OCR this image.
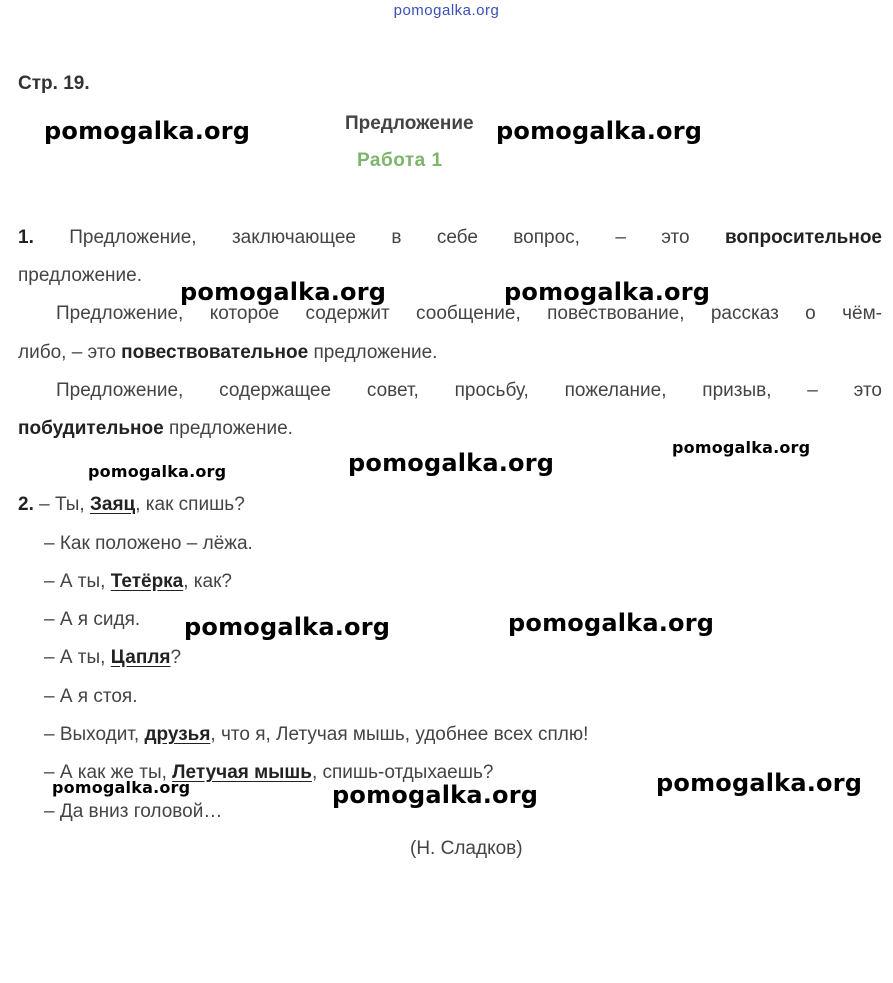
pomogalka.org
Стр. 19.
Предложение
Работа 1
1. Предложение, заключающее в себе вопрос, – это вопросительное
предложение.
Предложение, которое содержит сообщение, повествование, рассказ о чём-
либо, – это повествовательное предложение.
Предложение, содержащее совет, просьбу, пожелание, призыв, – это
побудительное предложение.
2. – Ты, Заяц, как спишь?
– Как положено – лёжа.
– А ты, Тетёрка, как?
– А я сидя.
– А ты, Цапля?
– А я стоя.
– Выходит, друзья, что я, Летучая мышь, удобнее всех сплю!
– А как же ты, Летучая мышь, спишь-отдыхаешь?
– Да вниз головой…
(Н. Сладков)
pomogalka.org	pomogalka.org
pomogalka.org	pomogalka.org
pomogalka.org
pomogalka.org	pomogalka.org
pomogalka.org	pomogalka.org
pomogalka.org	pomogalka.org	pomogalka.org
